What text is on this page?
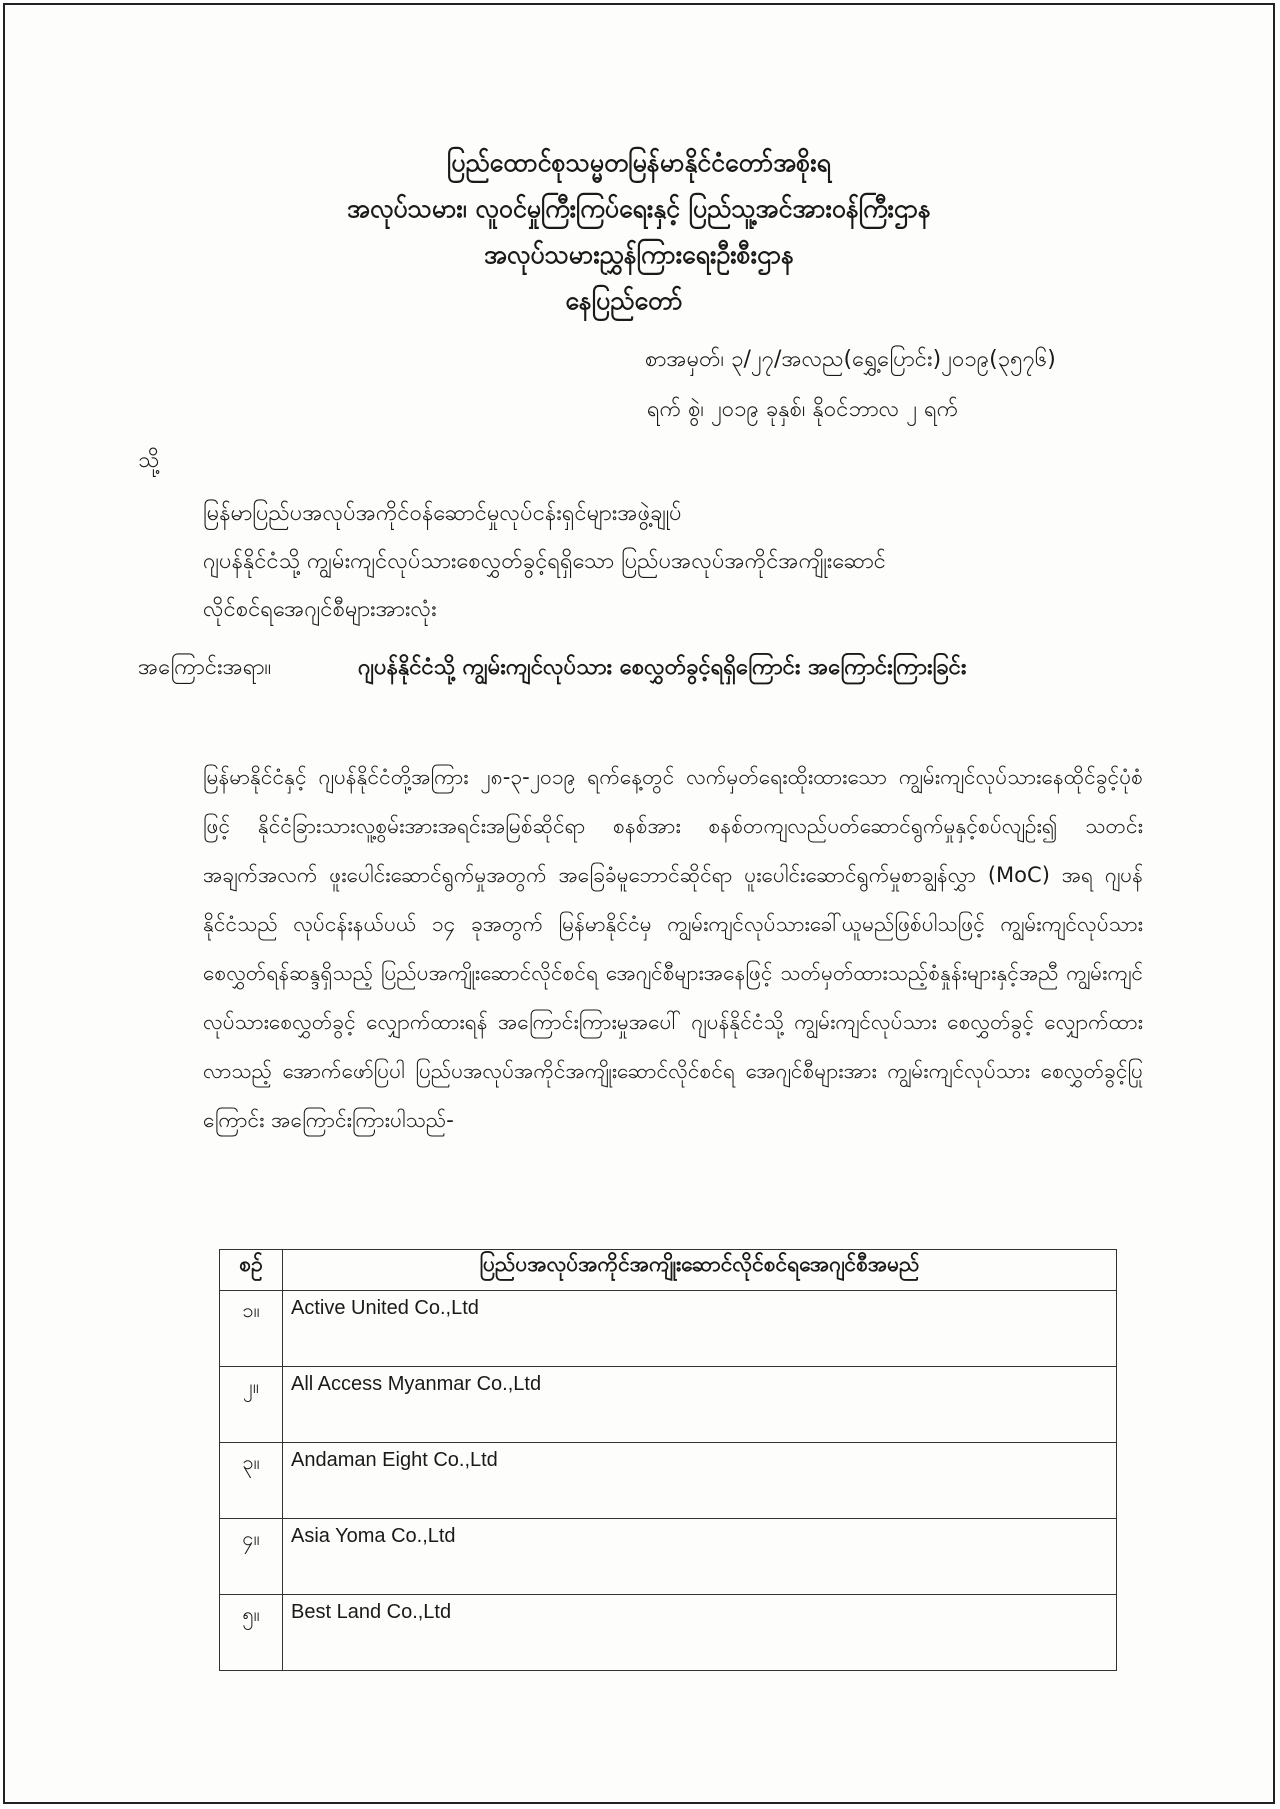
ပြည်ထောင်စုသမ္မတမြန်မာနိုင်ငံတော်အစိုးရ
အလုပ်သမား၊ လူဝင်မှုကြီးကြပ်ရေးနှင့် ပြည်သူ့အင်အားဝန်ကြီးဌာန
အလုပ်သမားညွှန်ကြားရေးဦးစီးဌာန
နေပြည်တော်
စာအမှတ်၊ ၃/၂၇/အလည(ရွှေ့ပြောင်း)၂၀၁၉(၃၅၇၆)
ရက် စွဲ၊ ၂၀၁၉ ခုနှစ်၊ နိုဝင်ဘာလ ၂ ရက်
သို့
မြန်မာပြည်ပအလုပ်အကိုင်ဝန်ဆောင်မှုလုပ်ငန်းရှင်များအဖွဲ့ချုပ်
ဂျပန်နိုင်ငံသို့ ကျွမ်းကျင်လုပ်သားစေလွှတ်ခွင့်ရရှိသော ပြည်ပအလုပ်အကိုင်အကျိုးဆောင်
လိုင်စင်ရအေဂျင်စီများအားလုံး
အကြောင်းအရာ။	ဂျပန်နိုင်ငံသို့ ကျွမ်းကျင်လုပ်သား စေလွှတ်ခွင့်ရရှိကြောင်း အကြောင်းကြားခြင်း
မြန်မာနိုင်ငံနှင့် ဂျပန်နိုင်ငံတို့အကြား ၂၈-၃-၂၀၁၉ ရက်နေ့တွင် လက်မှတ်ရေးထိုးထားသော ကျွမ်းကျင်လုပ်သားနေထိုင်ခွင့်ပုံစံဖြင့် နိုင်ငံခြားသားလူ့စွမ်းအားအရင်းအမြစ်ဆိုင်ရာ စနစ်အား စနစ်တကျလည်ပတ်ဆောင်ရွက်မှုနှင့်စပ်လျဉ်း၍ သတင်းအချက်အလက် ဖူးပေါင်းဆောင်ရွက်မှုအတွက် အခြေခံမူဘောင်ဆိုင်ရာ ပူးပေါင်းဆောင်ရွက်မှုစာချွန်လွှာ (MoC) အရ ဂျပန်နိုင်ငံသည် လုပ်ငန်းနယ်ပယ် ၁၄ ခုအတွက် မြန်မာနိုင်ငံမှ ကျွမ်းကျင်လုပ်သားခေါ်ယူမည်ဖြစ်ပါသဖြင့် ကျွမ်းကျင်လုပ်သား စေလွှတ်ရန်ဆန္ဒရှိသည့် ပြည်ပအကျိုးဆောင်လိုင်စင်ရ အေဂျင်စီများအနေဖြင့် သတ်မှတ်ထားသည့်စံနှုန်းများနှင့်အညီ ကျွမ်းကျင်လုပ်သားစေလွှတ်ခွင့် လျှောက်ထားရန် အကြောင်းကြားမှုအပေါ် ဂျပန်နိုင်ငံသို့ ကျွမ်းကျင်လုပ်သား စေလွှတ်ခွင့် လျှောက်ထားလာသည့် အောက်ဖော်ပြပါ ပြည်ပအလုပ်အကိုင်အကျိုးဆောင်လိုင်စင်ရ အေဂျင်စီများအား ကျွမ်းကျင်လုပ်သား စေလွှတ်ခွင့်ပြုကြောင်း အကြောင်းကြားပါသည်-
စဉ်	ပြည်ပအလုပ်အကိုင်အကျိုးဆောင်လိုင်စင်ရအေဂျင်စီအမည်
၁။	Active United Co.,Ltd
၂။	All Access Myanmar Co.,Ltd
၃။	Andaman Eight Co.,Ltd
၄။	Asia Yoma Co.,Ltd
၅။	Best Land Co.,Ltd
